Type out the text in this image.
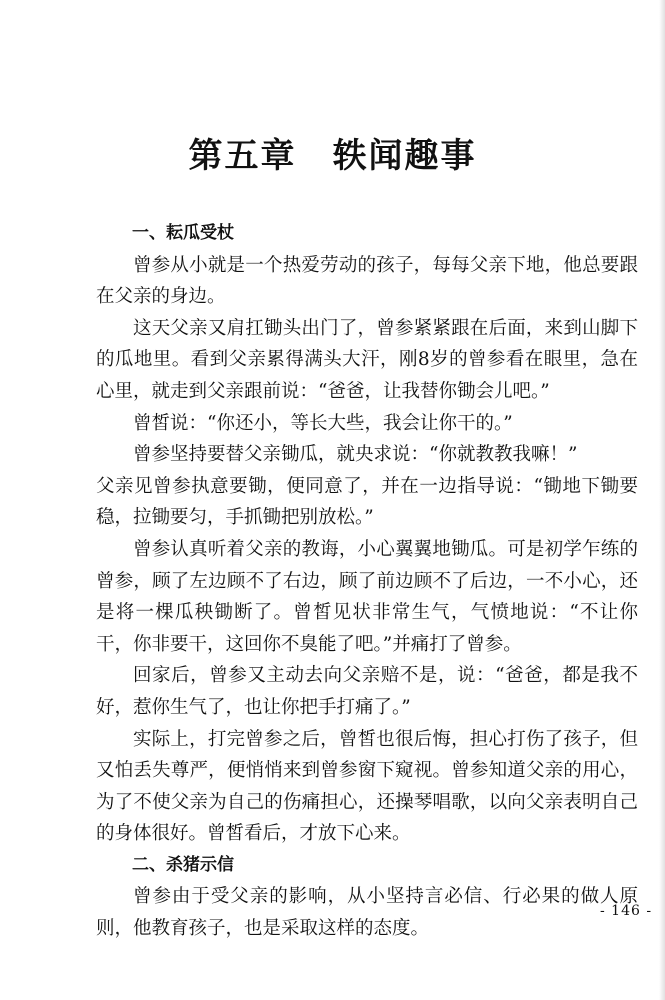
第五章　轶闻趣事

一、耘瓜受杖

曾参从小就是一个热爱劳动的孩子，每每父亲下地，他总要跟在父亲的身边。

这天父亲又肩扛锄头出门了，曾参紧紧跟在后面，来到山脚下的瓜地里。看到父亲累得满头大汗，刚8岁的曾参看在眼里，急在心里，就走到父亲跟前说：“爸爸，让我替你锄会儿吧。”

曾皙说：“你还小，等长大些，我会让你干的。”

曾参坚持要替父亲锄瓜，就央求说：“你就教教我嘛！”

父亲见曾参执意要锄，便同意了，并在一边指导说：“锄地下锄要稳，拉锄要匀，手抓锄把别放松。”

曾参认真听着父亲的教诲，小心翼翼地锄瓜。可是初学乍练的曾参，顾了左边顾不了右边，顾了前边顾不了后边，一不小心，还是将一棵瓜秧锄断了。曾皙见状非常生气，气愤地说：“不让你干，你非要干，这回你不臭能了吧。”并痛打了曾参。

回家后，曾参又主动去向父亲赔不是，说：“爸爸，都是我不好，惹你生气了，也让你把手打痛了。”

实际上，打完曾参之后，曾皙也很后悔，担心打伤了孩子，但又怕丢失尊严，便悄悄来到曾参窗下窥视。曾参知道父亲的用心，为了不使父亲为自己的伤痛担心，还操琴唱歌，以向父亲表明自己的身体很好。曾皙看后，才放下心来。

二、杀猪示信

曾参由于受父亲的影响，从小坚持言必信、行必果的做人原则，他教育孩子，也是采取这样的态度。

- 146 -
